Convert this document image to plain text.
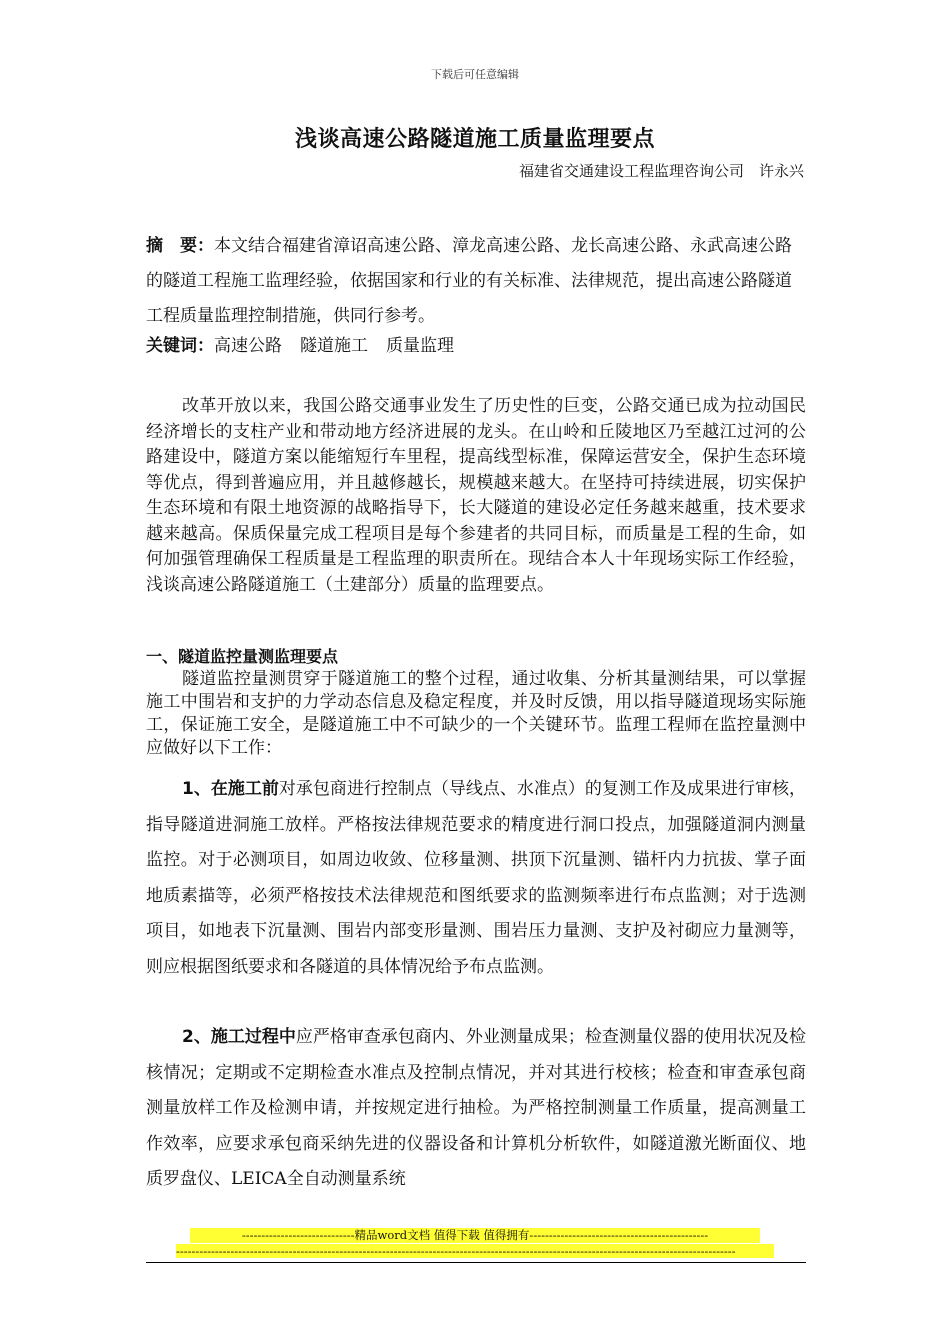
下载后可任意编辑
浅谈高速公路隧道施工质量监理要点
福建省交通建设工程监理咨询公司　许永兴
摘　要：本文结合福建省漳诏高速公路、漳龙高速公路、龙长高速公路、永武高速公路的隧道工程施工监理经验，依据国家和行业的有关标准、法律规范，提出高速公路隧道工程质量监理控制措施，供同行参考。
关键词：高速公路 隧道施工 质量监理
改革开放以来，我国公路交通事业发生了历史性的巨变，公路交通已成为拉动国民经济增长的支柱产业和带动地方经济进展的龙头。在山岭和丘陵地区乃至越江过河的公路建设中，隧道方案以能缩短行车里程，提高线型标准，保障运营安全，保护生态环境等优点，得到普遍应用，并且越修越长，规模越来越大。在坚持可持续进展，切实保护生态环境和有限土地资源的战略指导下，长大隧道的建设必定任务越来越重，技术要求越来越高。保质保量完成工程项目是每个参建者的共同目标，而质量是工程的生命，如何加强管理确保工程质量是工程监理的职责所在。现结合本人十年现场实际工作经验，浅谈高速公路隧道施工（土建部分）质量的监理要点。
一、隧道监控量测监理要点
隧道监控量测贯穿于隧道施工的整个过程，通过收集、分析其量测结果，可以掌握施工中围岩和支护的力学动态信息及稳定程度，并及时反馈，用以指导隧道现场实际施工，保证施工安全，是隧道施工中不可缺少的一个关键环节。监理工程师在监控量测中应做好以下工作：
1、在施工前对承包商进行控制点（导线点、水准点）的复测工作及成果进行审核，指导隧道进洞施工放样。严格按法律规范要求的精度进行洞口投点，加强隧道洞内测量监控。对于必测项目，如周边收敛、位移量测、拱顶下沉量测、锚杆内力抗拔、掌子面地质素描等，必须严格按技术法律规范和图纸要求的监测频率进行布点监测；对于选测项目，如地表下沉量测、围岩内部变形量测、围岩压力量测、支护及衬砌应力量测等，则应根据图纸要求和各隧道的具体情况给予布点监测。
2、施工过程中应严格审查承包商内、外业测量成果；检查测量仪器的使用状况及检核情况；定期或不定期检查水准点及控制点情况，并对其进行校核；检查和审查承包商测量放样工作及检测申请，并按规定进行抽检。为严格控制测量工作质量，提高测量工作效率，应要求承包商采纳先进的仪器设备和计算机分析软件，如隧道激光断面仪、地质罗盘仪、LEICA全自动测量系统
-----------------------------精品word文档 值得下载 值得拥有----------------------------------------------
------------------------------------------------------------------------------------------------------------------------------------------------
